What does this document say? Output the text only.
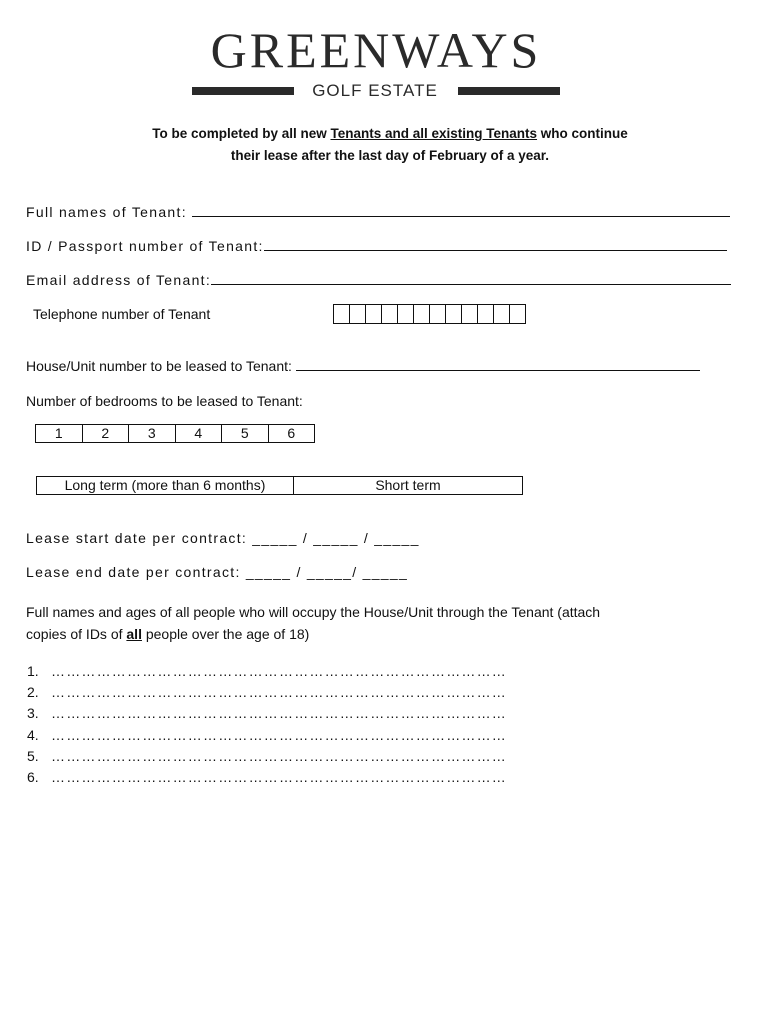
GREENWAYS
GOLF ESTATE
To be completed by all new Tenants and all existing Tenants who continue
their lease after the last day of February of a year.
Full names of Tenant:
ID / Passport number of Tenant:
Email address of Tenant:
Telephone number of Tenant
House/Unit number to be leased to Tenant:
Number of bedrooms to be leased to Tenant:
1	2	3	4	5	6
Long term (more than 6 months)	Short term
Lease start date per contract: _____ / _____ / _____
Lease end date per contract: _____ / _____/ _____
Full names and ages of all people who will occupy the House/Unit through the Tenant (attach
copies of IDs of all people over the age of 18)
1. ………………………………………………………………………………
2. ………………………………………………………………………………
3. ………………………………………………………………………………
4. ………………………………………………………………………………
5. ………………………………………………………………………………
6. ………………………………………………………………………………
